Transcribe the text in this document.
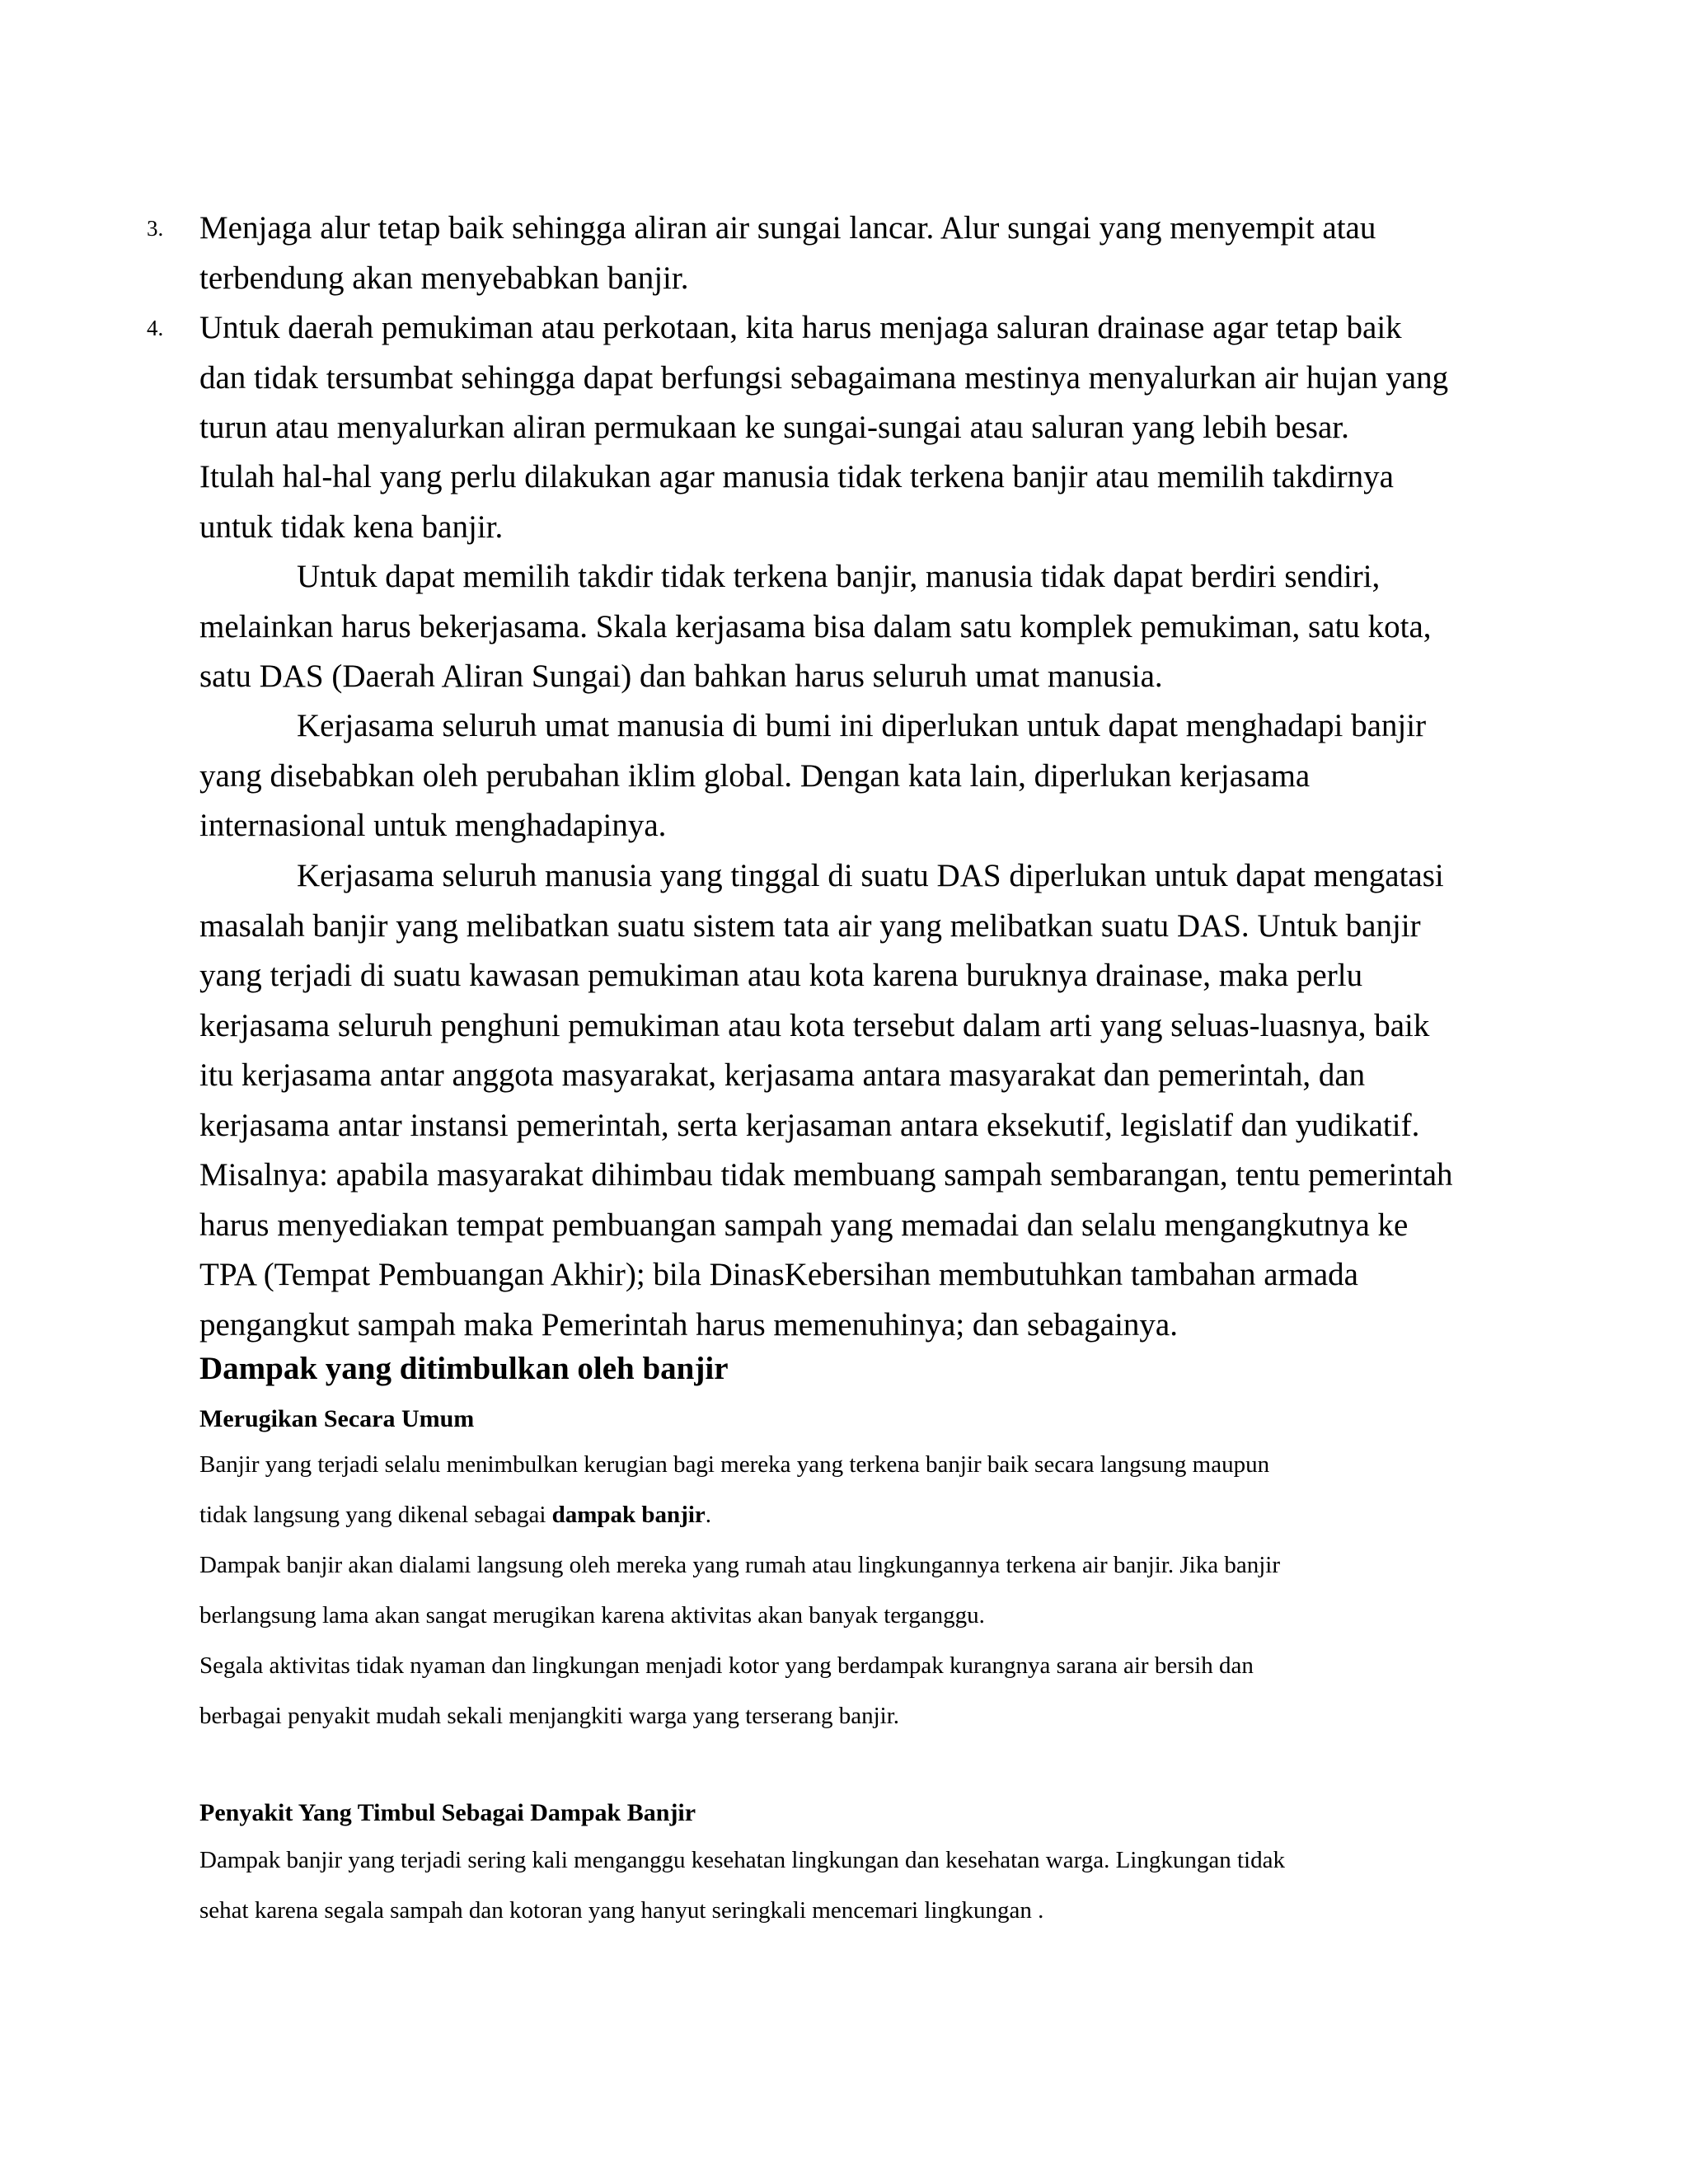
3. Menjaga alur tetap baik sehingga aliran air sungai lancar. Alur sungai yang menyempit atau
terbendung akan menyebabkan banjir.
4. Untuk daerah pemukiman atau perkotaan, kita harus menjaga saluran drainase agar tetap baik
dan tidak tersumbat sehingga dapat berfungsi sebagaimana mestinya menyalurkan air hujan yang
turun atau menyalurkan aliran permukaan ke sungai-sungai atau saluran yang lebih besar.
Itulah hal-hal yang perlu dilakukan agar manusia tidak terkena banjir atau memilih takdirnya
untuk tidak kena banjir.
Untuk dapat memilih takdir tidak terkena banjir, manusia tidak dapat berdiri sendiri,
melainkan harus bekerjasama. Skala kerjasama bisa dalam satu komplek pemukiman, satu kota,
satu DAS (Daerah Aliran Sungai) dan bahkan harus seluruh umat manusia.
Kerjasama seluruh umat manusia di bumi ini diperlukan untuk dapat menghadapi banjir
yang disebabkan oleh perubahan iklim global. Dengan kata lain, diperlukan kerjasama
internasional untuk menghadapinya.
Kerjasama seluruh manusia yang tinggal di suatu DAS diperlukan untuk dapat mengatasi
masalah banjir yang melibatkan suatu sistem tata air yang melibatkan suatu DAS. Untuk banjir
yang terjadi di suatu kawasan pemukiman atau kota karena buruknya drainase, maka perlu
kerjasama seluruh penghuni pemukiman atau kota tersebut dalam arti yang seluas-luasnya, baik
itu kerjasama antar anggota masyarakat, kerjasama antara masyarakat dan pemerintah, dan
kerjasama antar instansi pemerintah, serta kerjasaman antara eksekutif, legislatif dan yudikatif.
Misalnya: apabila masyarakat dihimbau tidak membuang sampah sembarangan, tentu pemerintah
harus menyediakan tempat pembuangan sampah yang memadai dan selalu mengangkutnya ke
TPA (Tempat Pembuangan Akhir); bila DinasKebersihan membutuhkan tambahan armada
pengangkut sampah maka Pemerintah harus memenuhinya; dan sebagainya.
Dampak yang ditimbulkan oleh banjir
Merugikan Secara Umum
Banjir yang terjadi selalu menimbulkan kerugian bagi mereka yang terkena banjir baik secara langsung maupun
tidak langsung yang dikenal sebagai dampak banjir.
Dampak banjir akan dialami langsung oleh mereka yang rumah atau lingkungannya terkena air banjir. Jika banjir
berlangsung lama akan sangat merugikan karena aktivitas akan banyak terganggu.
Segala aktivitas tidak nyaman dan lingkungan menjadi kotor yang berdampak kurangnya sarana air bersih dan
berbagai penyakit mudah sekali menjangkiti warga yang terserang banjir.
Penyakit Yang Timbul Sebagai Dampak Banjir
Dampak banjir yang terjadi sering kali menganggu kesehatan lingkungan dan kesehatan warga. Lingkungan tidak
sehat karena segala sampah dan kotoran yang hanyut seringkali mencemari lingkungan .
